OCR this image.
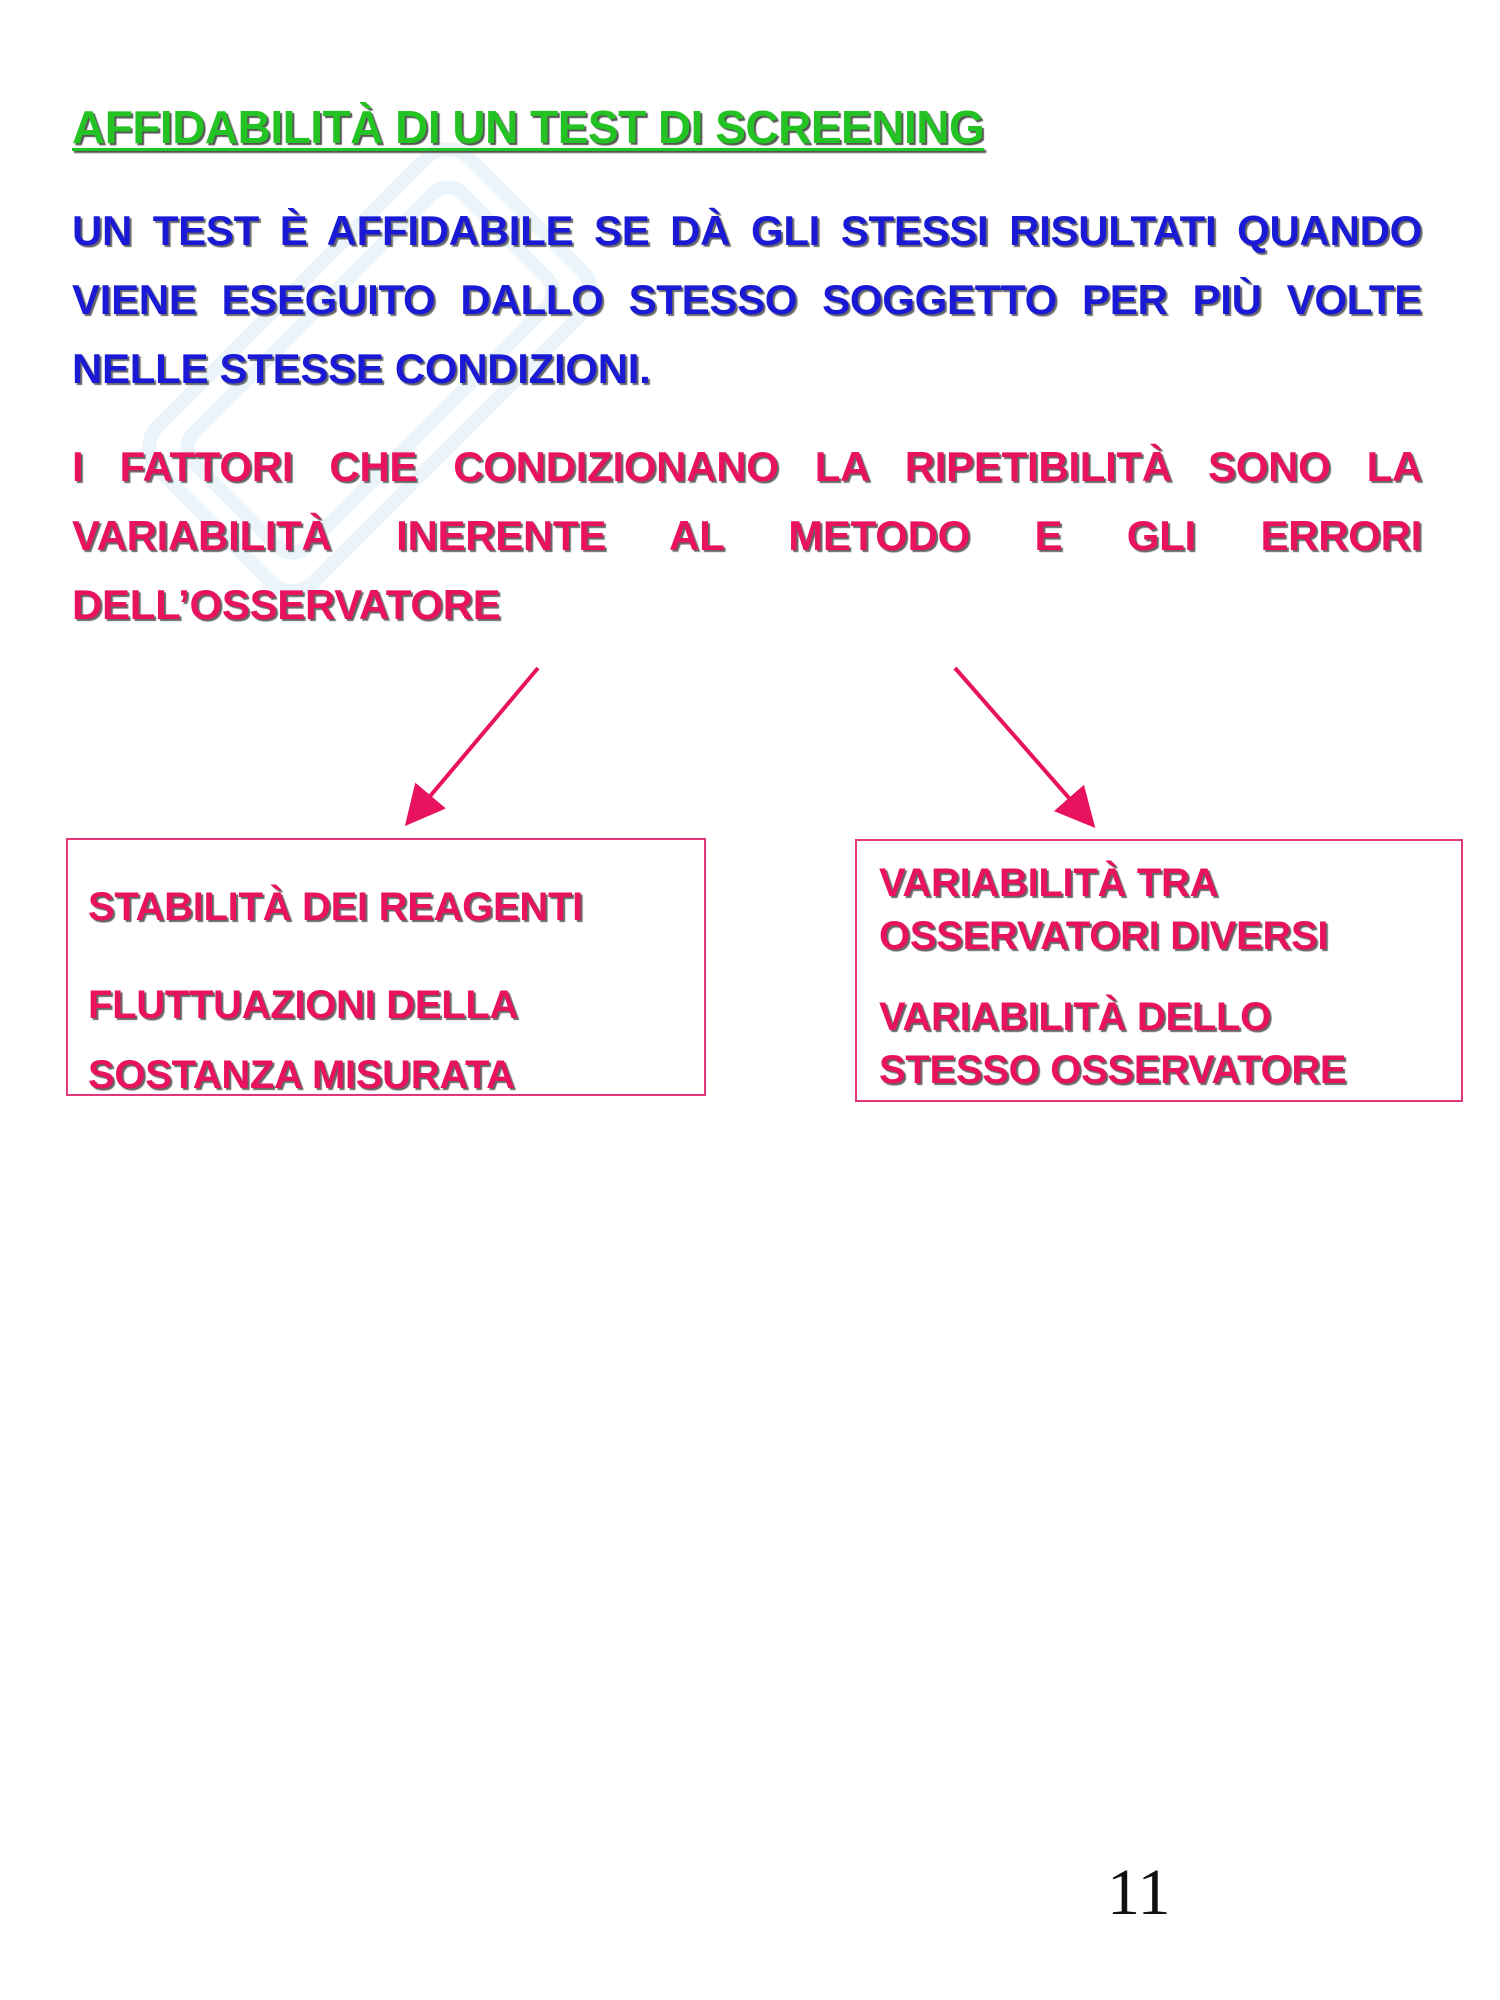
AFFIDABILITÀ DI UN TEST DI SCREENING

UN TEST È AFFIDABILE SE DÀ GLI STESSI RISULTATI QUANDO VIENE ESEGUITO DALLO STESSO SOGGETTO PER PIÙ VOLTE NELLE STESSE CONDIZIONI.

I FATTORI CHE CONDIZIONANO LA RIPETIBILITÀ SONO LA VARIABILITÀ INERENTE AL METODO E GLI ERRORI DELL’OSSERVATORE

STABILITÀ DEI REAGENTI

FLUTTUAZIONI DELLA

SOSTANZA MISURATA

VARIABILITÀ TRA

OSSERVATORI DIVERSI

VARIABILITÀ DELLO

STESSO OSSERVATORE

11
